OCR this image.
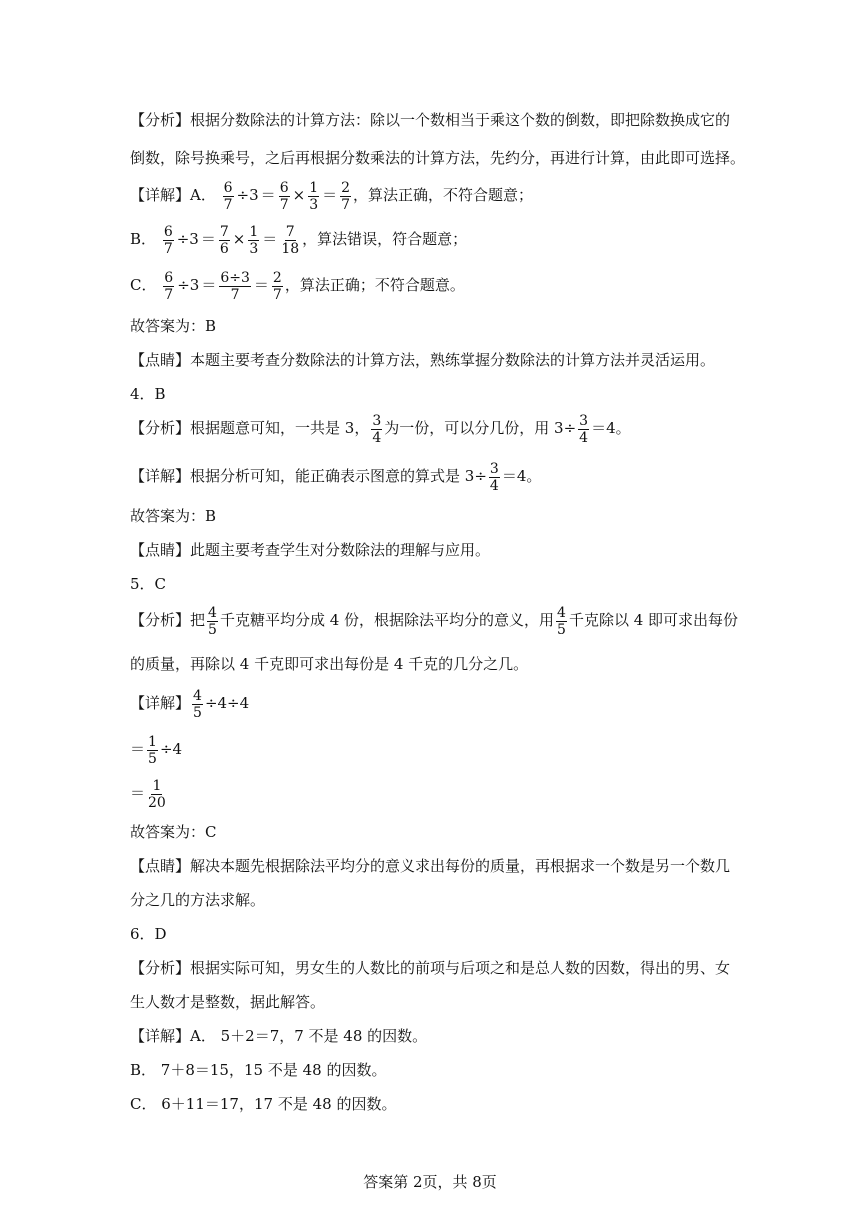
【分析】根据分数除法的计算方法：除以一个数相当于乘这个数的倒数，即把除数换成它的
倒数，除号换乘号，之后再根据分数乘法的计算方法，先约分，再进行计算，由此即可选择。
【详解】A． $\frac{6}{7} \div 3 = \frac{6}{7} \times \frac{1}{3} = \frac{2}{7}$ ，算法正确，不符合题意；
B． $\frac{6}{7} \div 3 = \frac{7}{6} \times \frac{1}{3} = \frac{7}{18}$ ，算法错误，符合题意；
C． $\frac{6}{7} \div 3 = \frac{6\div 3}{7} = \frac{2}{7}$ ，算法正确；不符合题意。
故答案为：B
【点睛】本题主要考查分数除法的计算方法，熟练掌握分数除法的计算方法并灵活运用。
4．B
【分析】根据题意可知，一共是 3， $\frac{3}{4}$ 为一份，可以分几份，用 $3\div \frac{3}{4} =4$。
【详解】根据分析可知，能正确表示图意的算式是 $3\div \frac{3}{4} =4$。
故答案为：B
【点睛】此题主要考查学生对分数除法的理解与应用。
5．C
【分析】把 $\frac{4}{5}$ 千克糖平均分成 4 份，根据除法平均分的意义，用 $\frac{4}{5}$ 千克除以 4 即可求出每份
的质量，再除以 4 千克即可求出每份是 4 千克的几分之几。
【详解】 $\frac{4}{5} \div 4\div 4$
＝ $\frac{1}{5} \div 4$
＝ $\frac{1}{20}$
故答案为：C
【点睛】解决本题先根据除法平均分的意义求出每份的质量，再根据求一个数是另一个数几
分之几的方法求解。
6．D
【分析】根据实际可知，男女生的人数比的前项与后项之和是总人数的因数，得出的男、女
生人数才是整数，据此解答。
【详解】A． 5＋2＝7，7 不是 48 的因数。
B． 7＋8＝15，15 不是 48 的因数。
C． 6＋11＝17，17 不是 48 的因数。
答案第 2页，共 8页
